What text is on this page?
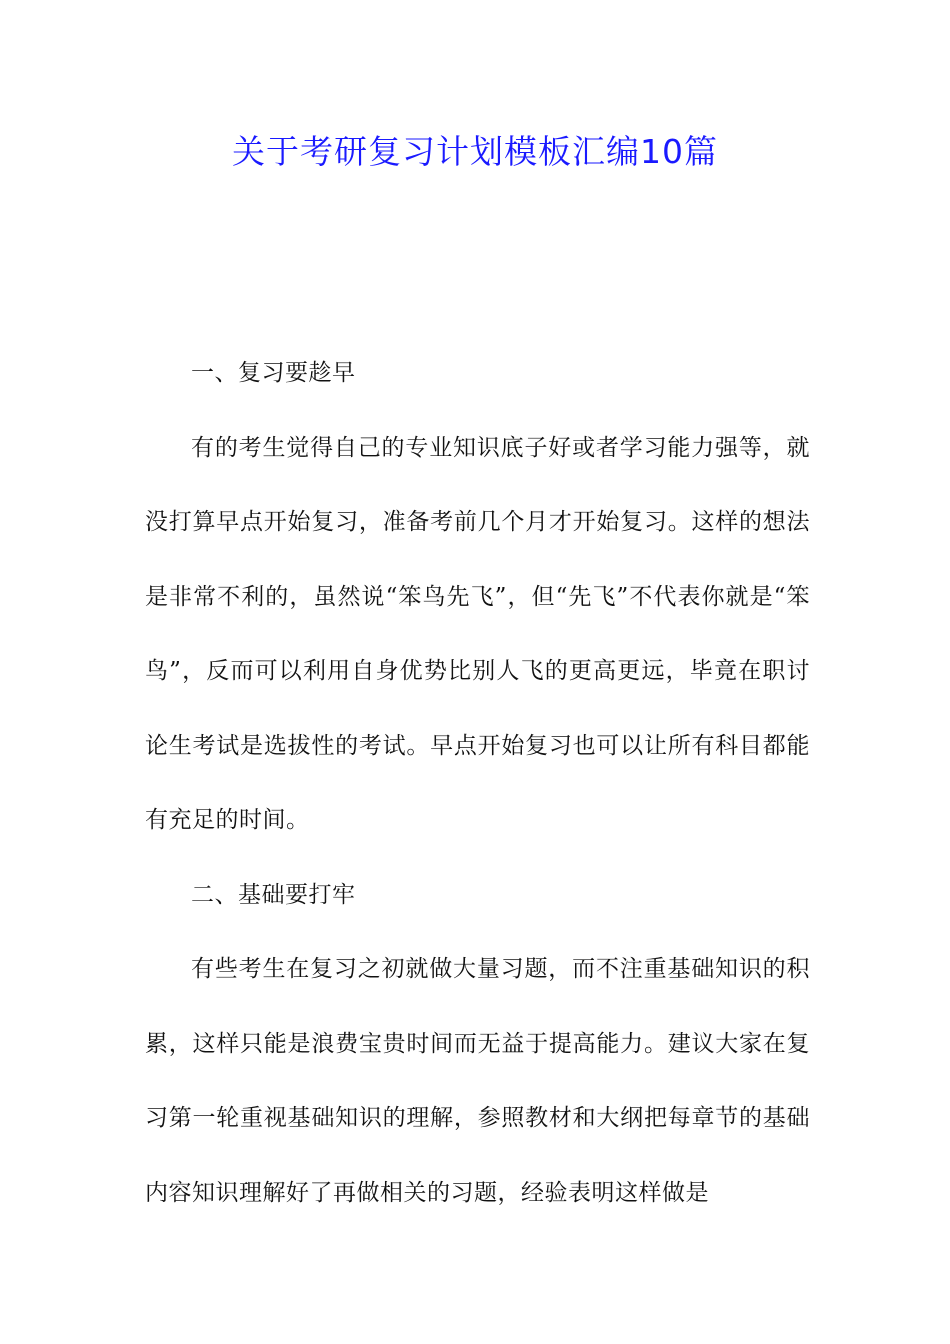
关于考研复习计划模板汇编10篇

一、复习要趁早

有的考生觉得自己的专业知识底子好或者学习能力强等，就没打算早点开始复习，准备考前几个月才开始复习。这样的想法是非常不利的，虽然说“笨鸟先飞”，但“先飞”不代表你就是“笨鸟”，反而可以利用自身优势比别人飞的更高更远，毕竟在职讨论生考试是选拔性的考试。早点开始复习也可以让所有科目都能有充足的时间。

二、基础要打牢

有些考生在复习之初就做大量习题，而不注重基础知识的积累，这样只能是浪费宝贵时间而无益于提高能力。建议大家在复习第一轮重视基础知识的理解，参照教材和大纲把每章节的基础内容知识理解好了再做相关的习题，经验表明这样做是
